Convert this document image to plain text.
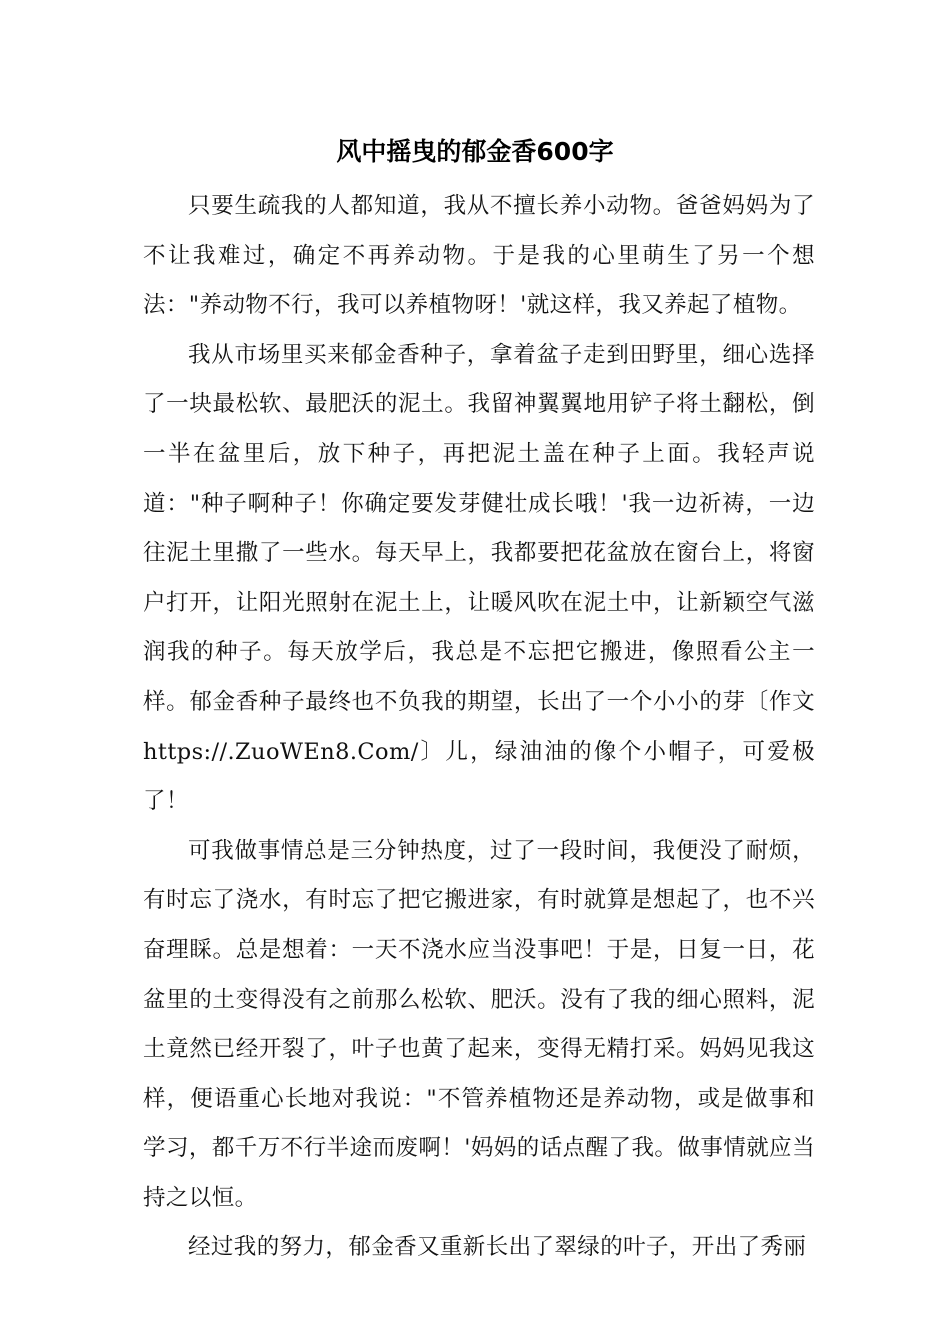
风中摇曳的郁金香600字

只要生疏我的人都知道，我从不擅长养小动物。爸爸妈妈为了不让我难过，确定不再养动物。于是我的心里萌生了另一个想法："养动物不行，我可以养植物呀！'就这样，我又养起了植物。

我从市场里买来郁金香种子，拿着盆子走到田野里，细心选择了一块最松软、最肥沃的泥土。我留神翼翼地用铲子将土翻松，倒一半在盆里后，放下种子，再把泥土盖在种子上面。我轻声说道："种子啊种子！你确定要发芽健壮成长哦！'我一边祈祷，一边往泥土里撒了一些水。每天早上，我都要把花盆放在窗台上，将窗户打开，让阳光照射在泥土上，让暖风吹在泥土中，让新颖空气滋润我的种子。每天放学后，我总是不忘把它搬进，像照看公主一样。郁金香种子最终也不负我的期望，长出了一个小小的芽〔作文https://.ZuoWEn8.Com/〕儿，绿油油的像个小帽子，可爱极了！

可我做事情总是三分钟热度，过了一段时间，我便没了耐烦，有时忘了浇水，有时忘了把它搬进家，有时就算是想起了，也不兴奋理睬。总是想着：一天不浇水应当没事吧！于是，日复一日，花盆里的土变得没有之前那么松软、肥沃。没有了我的细心照料，泥土竟然已经开裂了，叶子也黄了起来，变得无精打采。妈妈见我这样，便语重心长地对我说："不管养植物还是养动物，或是做事和学习，都千万不行半途而废啊！'妈妈的话点醒了我。做事情就应当持之以恒。

经过我的努力，郁金香又重新长出了翠绿的叶子，开出了秀丽
